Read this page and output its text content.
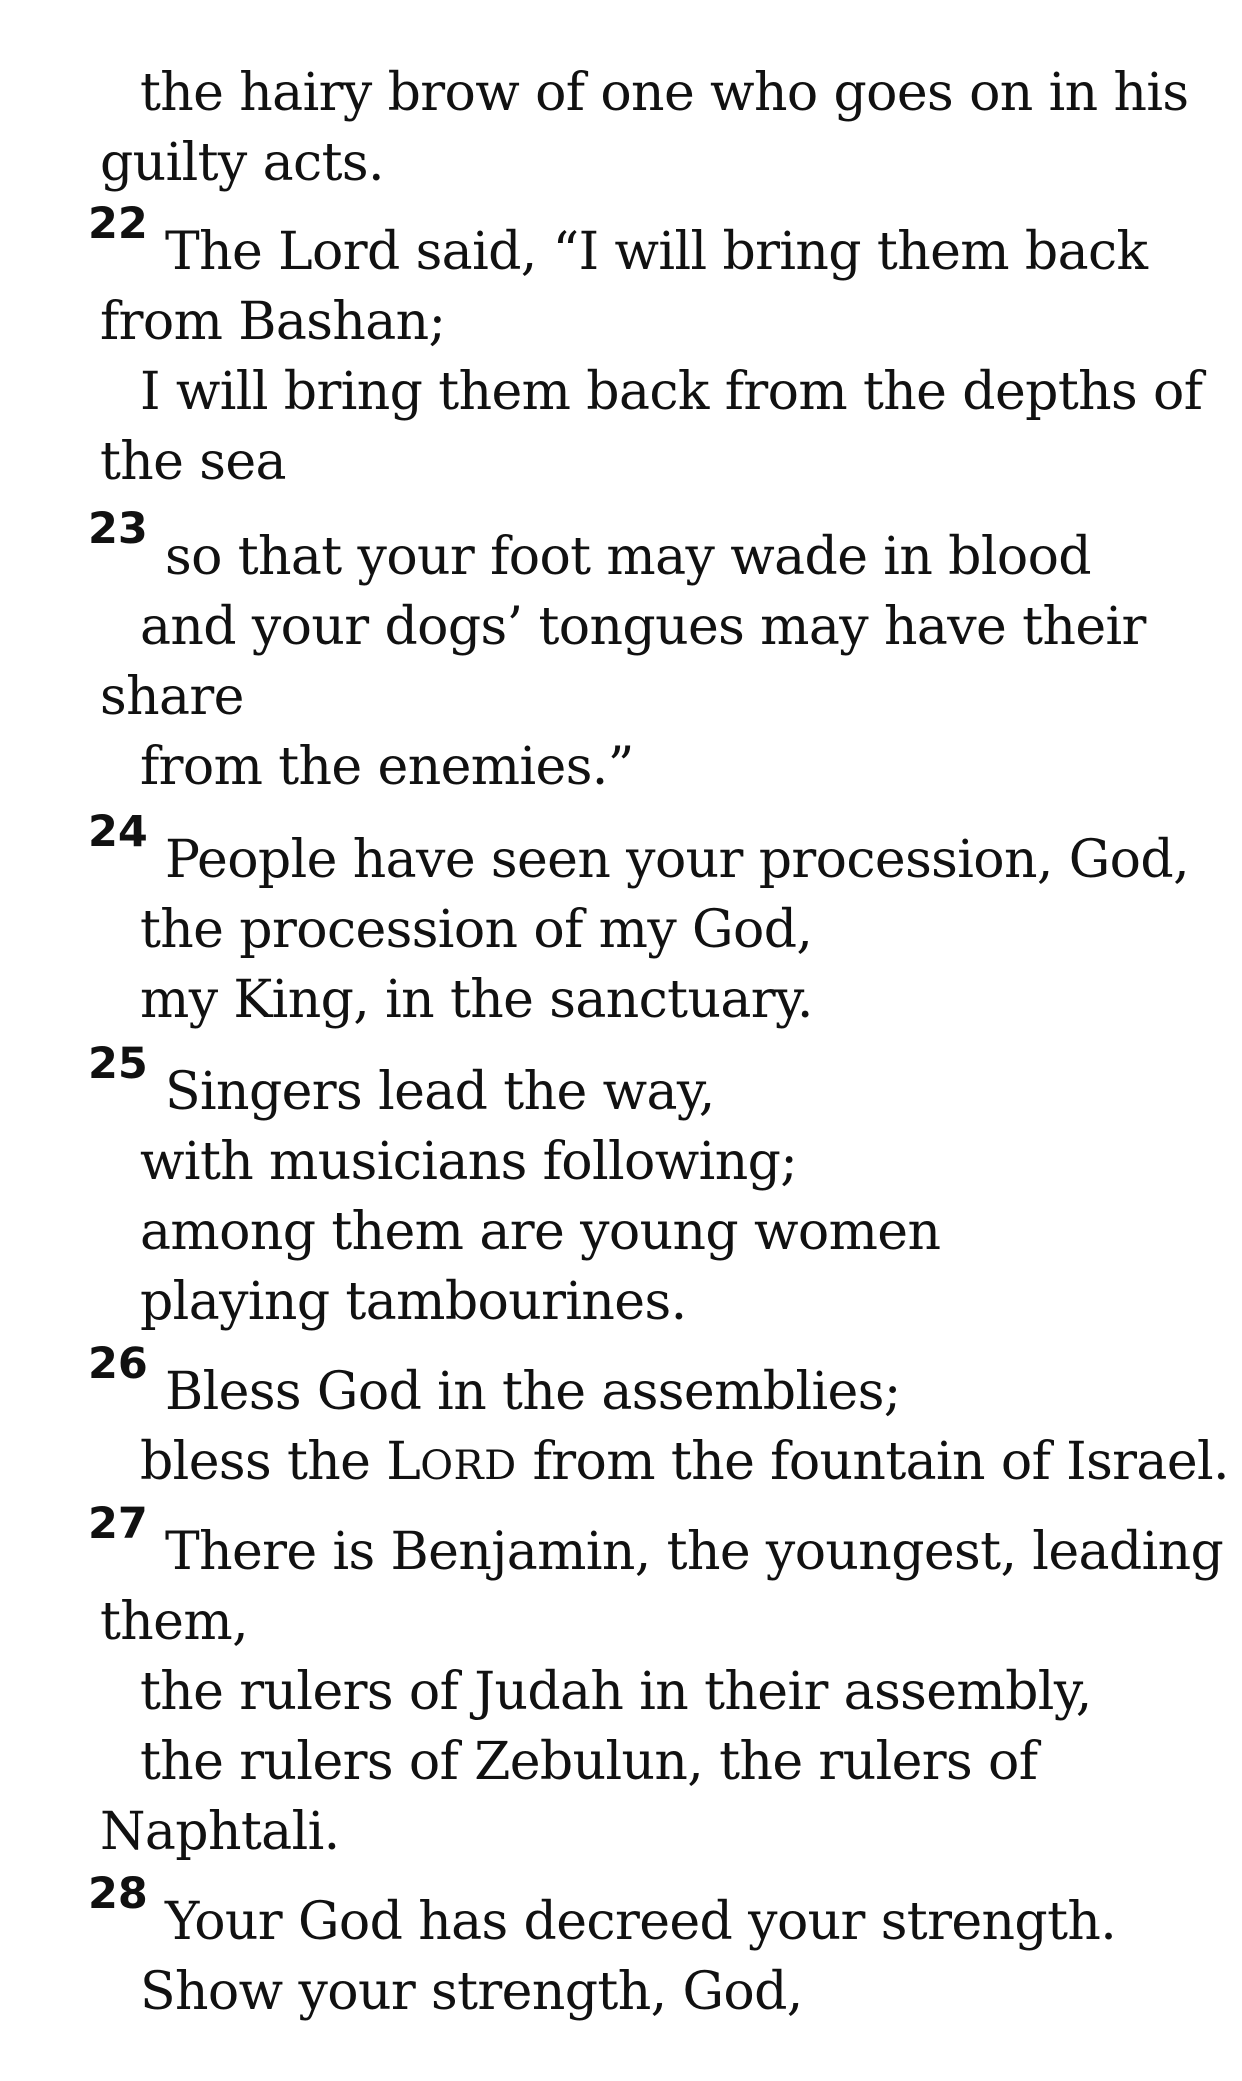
the hairy brow of one who goes on in his
guilty acts.
22 The Lord said, “I will bring them back
from Bashan;
I will bring them back from the depths of
the sea
23 so that your foot may wade in blood
and your dogs’ tongues may have their
share
from the enemies.”
24 People have seen your procession, God,
the procession of my God,
my King, in the sanctuary.
25 Singers lead the way,
with musicians following;
among them are young women
playing tambourines.
26 Bless God in the assemblies;
bless the LORD from the fountain of Israel.
27 There is Benjamin, the youngest, leading
them,
the rulers of Judah in their assembly,
the rulers of Zebulun, the rulers of
Naphtali.
28 Your God has decreed your strength.
Show your strength, God,
